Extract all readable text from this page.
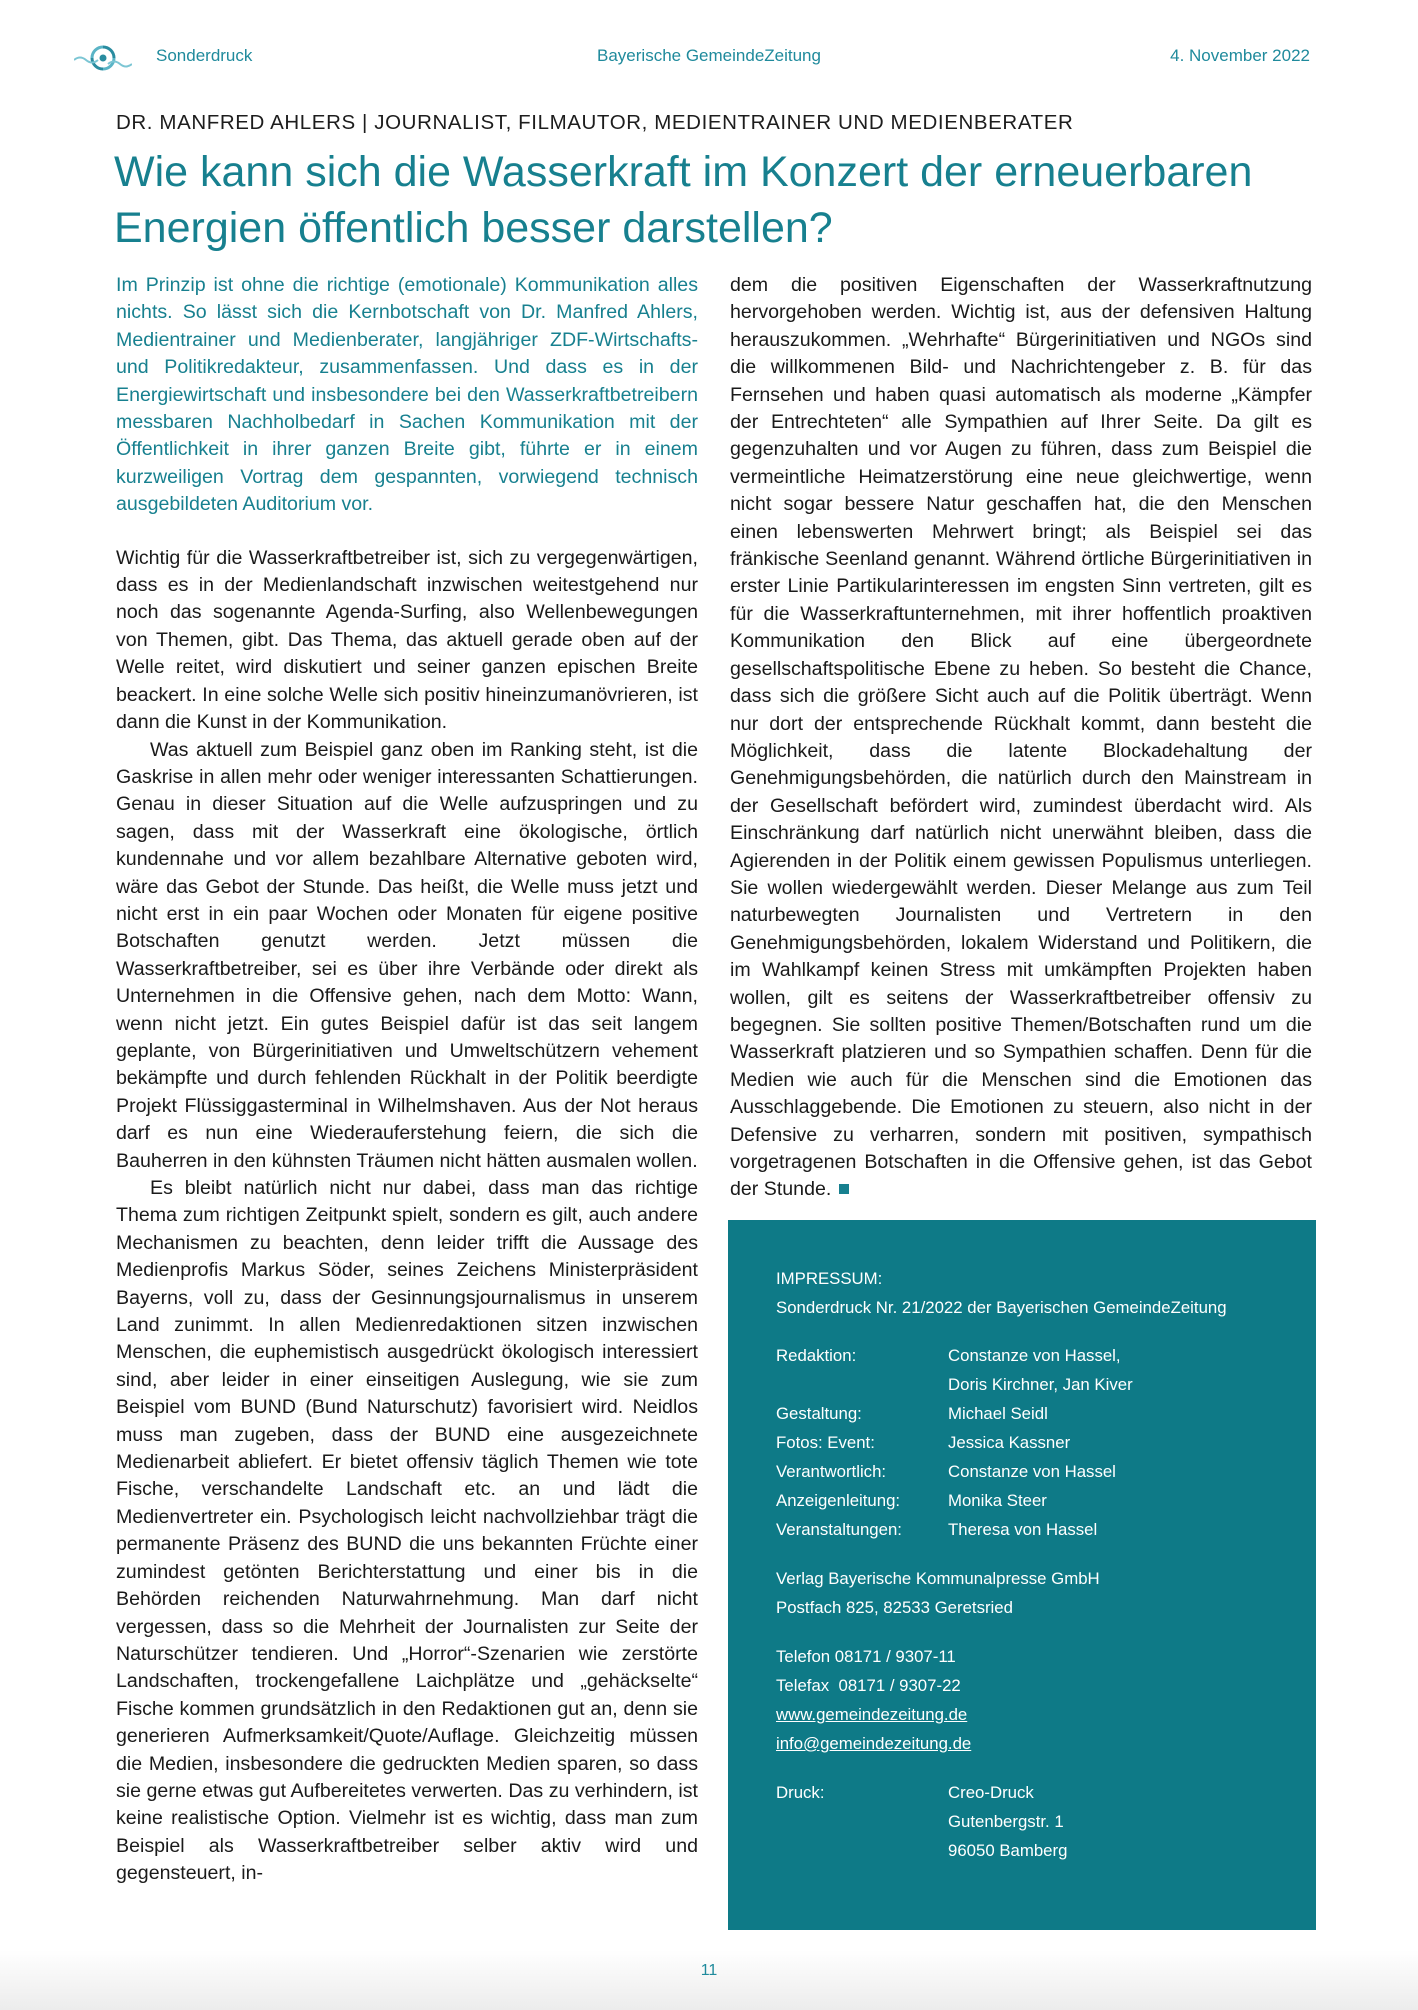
Sonderdruck	Bayerische GemeindeZeitung	4. November 2022
DR. MANFRED AHLERS | JOURNALIST, FILMAUTOR, MEDIENTRAINER UND MEDIENBERATER
Wie kann sich die Wasserkraft im Konzert der erneuerbaren Energien öffentlich besser darstellen?

Im Prinzip ist ohne die richtige (emotionale) Kommunikation alles nichts. So lässt sich die Kernbotschaft von Dr. Manfred Ahlers, Medientrainer und Medienberater, langjähriger ZDF-Wirtschafts- und Politikredakteur, zusammenfassen. Und dass es in der Energiewirtschaft und insbesondere bei den Wasserkraftbetreibern messbaren Nachholbedarf in Sachen Kommunikation mit der Öffentlichkeit in ihrer ganzen Breite gibt, führte er in einem kurzweiligen Vortrag dem gespannten, vorwiegend technisch ausgebildeten Auditorium vor.

Wichtig für die Wasserkraftbetreiber ist, sich zu vergegenwärtigen, dass es in der Medienlandschaft inzwischen weitestgehend nur noch das sogenannte Agenda-Surfing, also Wellenbewegungen von Themen, gibt. Das Thema, das aktuell gerade oben auf der Welle reitet, wird diskutiert und seiner ganzen epischen Breite beackert. In eine solche Welle sich positiv hineinzumanövrieren, ist dann die Kunst in der Kommunikation.

Was aktuell zum Beispiel ganz oben im Ranking steht, ist die Gaskrise in allen mehr oder weniger interessanten Schattierungen. Genau in dieser Situation auf die Welle aufzuspringen und zu sagen, dass mit der Wasserkraft eine ökologische, örtlich kundennahe und vor allem bezahlbare Alternative geboten wird, wäre das Gebot der Stunde. Das heißt, die Welle muss jetzt und nicht erst in ein paar Wochen oder Monaten für eigene positive Botschaften genutzt werden. Jetzt müssen die Wasserkraftbetreiber, sei es über ihre Verbände oder direkt als Unternehmen in die Offensive gehen, nach dem Motto: Wann, wenn nicht jetzt. Ein gutes Beispiel dafür ist das seit langem geplante, von Bürgerinitiativen und Umweltschützern vehement bekämpfte und durch fehlenden Rückhalt in der Politik beerdigte Projekt Flüssiggasterminal in Wilhelmshaven. Aus der Not heraus darf es nun eine Wiederauferstehung feiern, die sich die Bauherren in den kühnsten Träumen nicht hätten ausmalen wollen.

Es bleibt natürlich nicht nur dabei, dass man das richtige Thema zum richtigen Zeitpunkt spielt, sondern es gilt, auch andere Mechanismen zu beachten, denn leider trifft die Aussage des Medienprofis Markus Söder, seines Zeichens Ministerpräsident Bayerns, voll zu, dass der Gesinnungsjournalismus in unserem Land zunimmt. In allen Medienredaktionen sitzen inzwischen Menschen, die euphemistisch ausgedrückt ökologisch interessiert sind, aber leider in einer einseitigen Auslegung, wie sie zum Beispiel vom BUND (Bund Naturschutz) favorisiert wird. Neidlos muss man zugeben, dass der BUND eine ausgezeichnete Medienarbeit abliefert. Er bietet offensiv täglich Themen wie tote Fische, verschandelte Landschaft etc. an und lädt die Medienvertreter ein. Psychologisch leicht nachvollziehbar trägt die permanente Präsenz des BUND die uns bekannten Früchte einer zumindest getönten Berichterstattung und einer bis in die Behörden reichenden Naturwahrnehmung. Man darf nicht vergessen, dass so die Mehrheit der Journalisten zur Seite der Naturschützer tendieren. Und „Horror“-Szenarien wie zerstörte Landschaften, trockengefallene Laichplätze und „gehäckselte“ Fische kommen grundsätzlich in den Redaktionen gut an, denn sie generieren Aufmerksamkeit/Quote/Auflage. Gleichzeitig müssen die Medien, insbesondere die gedruckten Medien sparen, so dass sie gerne etwas gut Aufbereitetes verwerten. Das zu verhindern, ist keine realistische Option. Vielmehr ist es wichtig, dass man zum Beispiel als Wasserkraftbetreiber selber aktiv wird und gegensteuert, in-

dem die positiven Eigenschaften der Wasserkraftnutzung hervorgehoben werden. Wichtig ist, aus der defensiven Haltung herauszukommen. „Wehrhafte“ Bürgerinitiativen und NGOs sind die willkommenen Bild- und Nachrichtengeber z. B. für das Fernsehen und haben quasi automatisch als moderne „Kämpfer der Entrechteten“ alle Sympathien auf Ihrer Seite. Da gilt es gegenzuhalten und vor Augen zu führen, dass zum Beispiel die vermeintliche Heimatzerstörung eine neue gleichwertige, wenn nicht sogar bessere Natur geschaffen hat, die den Menschen einen lebenswerten Mehrwert bringt; als Beispiel sei das fränkische Seenland genannt. Während örtliche Bürgerinitiativen in erster Linie Partikularinteressen im engsten Sinn vertreten, gilt es für die Wasserkraftunternehmen, mit ihrer hoffentlich proaktiven Kommunikation den Blick auf eine übergeordnete gesellschaftspolitische Ebene zu heben. So besteht die Chance, dass sich die größere Sicht auch auf die Politik überträgt. Wenn nur dort der entsprechende Rückhalt kommt, dann besteht die Möglichkeit, dass die latente Blockadehaltung der Genehmigungsbehörden, die natürlich durch den Mainstream in der Gesellschaft befördert wird, zumindest überdacht wird. Als Einschränkung darf natürlich nicht unerwähnt bleiben, dass die Agierenden in der Politik einem gewissen Populismus unterliegen. Sie wollen wiedergewählt werden. Dieser Melange aus zum Teil naturbewegten Journalisten und Vertretern in den Genehmigungsbehörden, lokalem Widerstand und Politikern, die im Wahlkampf keinen Stress mit umkämpften Projekten haben wollen, gilt es seitens der Wasserkraftbetreiber offensiv zu begegnen. Sie sollten positive Themen/Botschaften rund um die Wasserkraft platzieren und so Sympathien schaffen. Denn für die Medien wie auch für die Menschen sind die Emotionen das Ausschlaggebende. Die Emotionen zu steuern, also nicht in der Defensive zu verharren, sondern mit positiven, sympathisch vorgetragenen Botschaften in die Offensive gehen, ist das Gebot der Stunde.

IMPRESSUM:

Sonderdruck Nr. 21/2022 der Bayerischen GemeindeZeitung

Redaktion:	Constanze von Hassel,
Doris Kirchner, Jan Kiver
Gestaltung:	Michael Seidl
Fotos: Event:	Jessica Kassner
Verantwortlich:	Constanze von Hassel
Anzeigenleitung:	Monika Steer
Veranstaltungen:	Theresa von Hassel
Verlag Bayerische Kommunalpresse GmbH
Postfach 825, 82533 Geretsried
Telefon 08171 / 9307-11
Telefax  08171 / 9307-22
www.gemeindezeitung.de
info@gemeindezeitung.de
Druck:	Creo-Druck
Gutenbergstr. 1
96050 Bamberg
11
